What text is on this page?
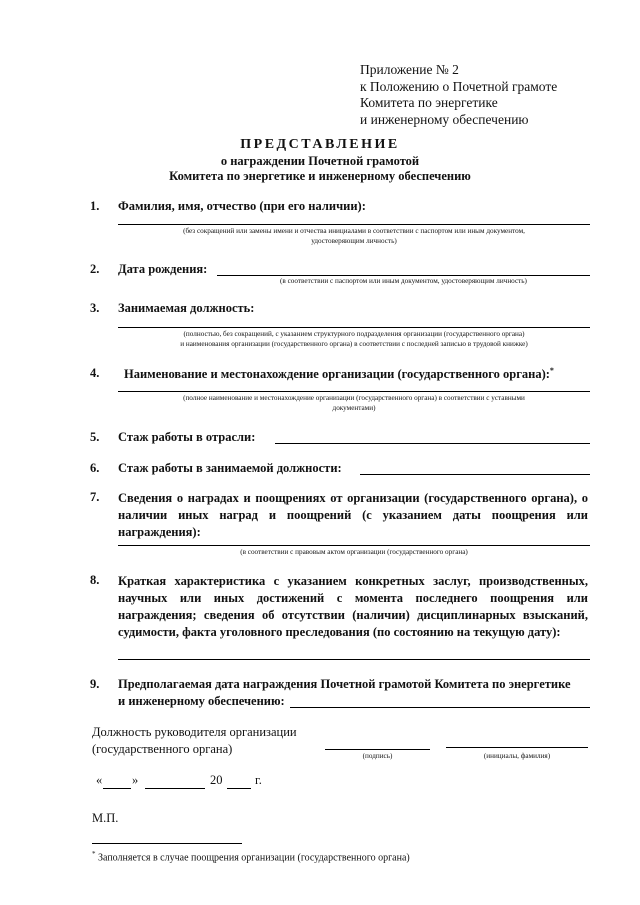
Приложение № 2
к Положению о Почетной грамоте
Комитета по энергетике
и инженерному обеспечению
ПРЕДСТАВЛЕНИЕ
о награждении Почетной грамотой
Комитета по энергетике и инженерному обеспечению
1. Фамилия, имя, отчество (при его наличии):
(без сокращений или замены имени и отчества инициалами в соответствии с паспортом или иным документом,
удостоверяющим личность)
2. Дата рождения:
(в соответствии с паспортом или иным документом, удостоверяющим личность)
3. Занимаемая должность:
(полностью, без сокращений, с указанием структурного подразделения организации (государственного органа)
и наименования организации (государственного органа) в соответствии с последней записью в трудовой книжке)
4. Наименование и местонахождение организации (государственного органа):*
(полное наименование и местонахождение организации (государственного органа) в соответствии с уставными
документами)
5. Стаж работы в отрасли:
6. Стаж работы в занимаемой должности:
7. Сведения о наградах и поощрениях от организации (государственного органа), о наличии иных наград и поощрений (с указанием даты поощрения или награждения):
(в соответствии с правовым актом организации (государственного органа)
8. Краткая характеристика с указанием конкретных заслуг, производственных, научных или иных достижений с момента последнего поощрения или награждения; сведения об отсутствии (наличии) дисциплинарных взысканий, судимости, факта уголовного преследования (по состоянию на текущую дату):
9. Предполагаемая дата награждения Почетной грамотой Комитета по энергетике
и инженерному обеспечению:
Должность руководителя организации
(государственного органа)	(подпись)	(инициалы, фамилия)
« »	20	г.
М.П.
* Заполняется в случае поощрения организации (государственного органа)
